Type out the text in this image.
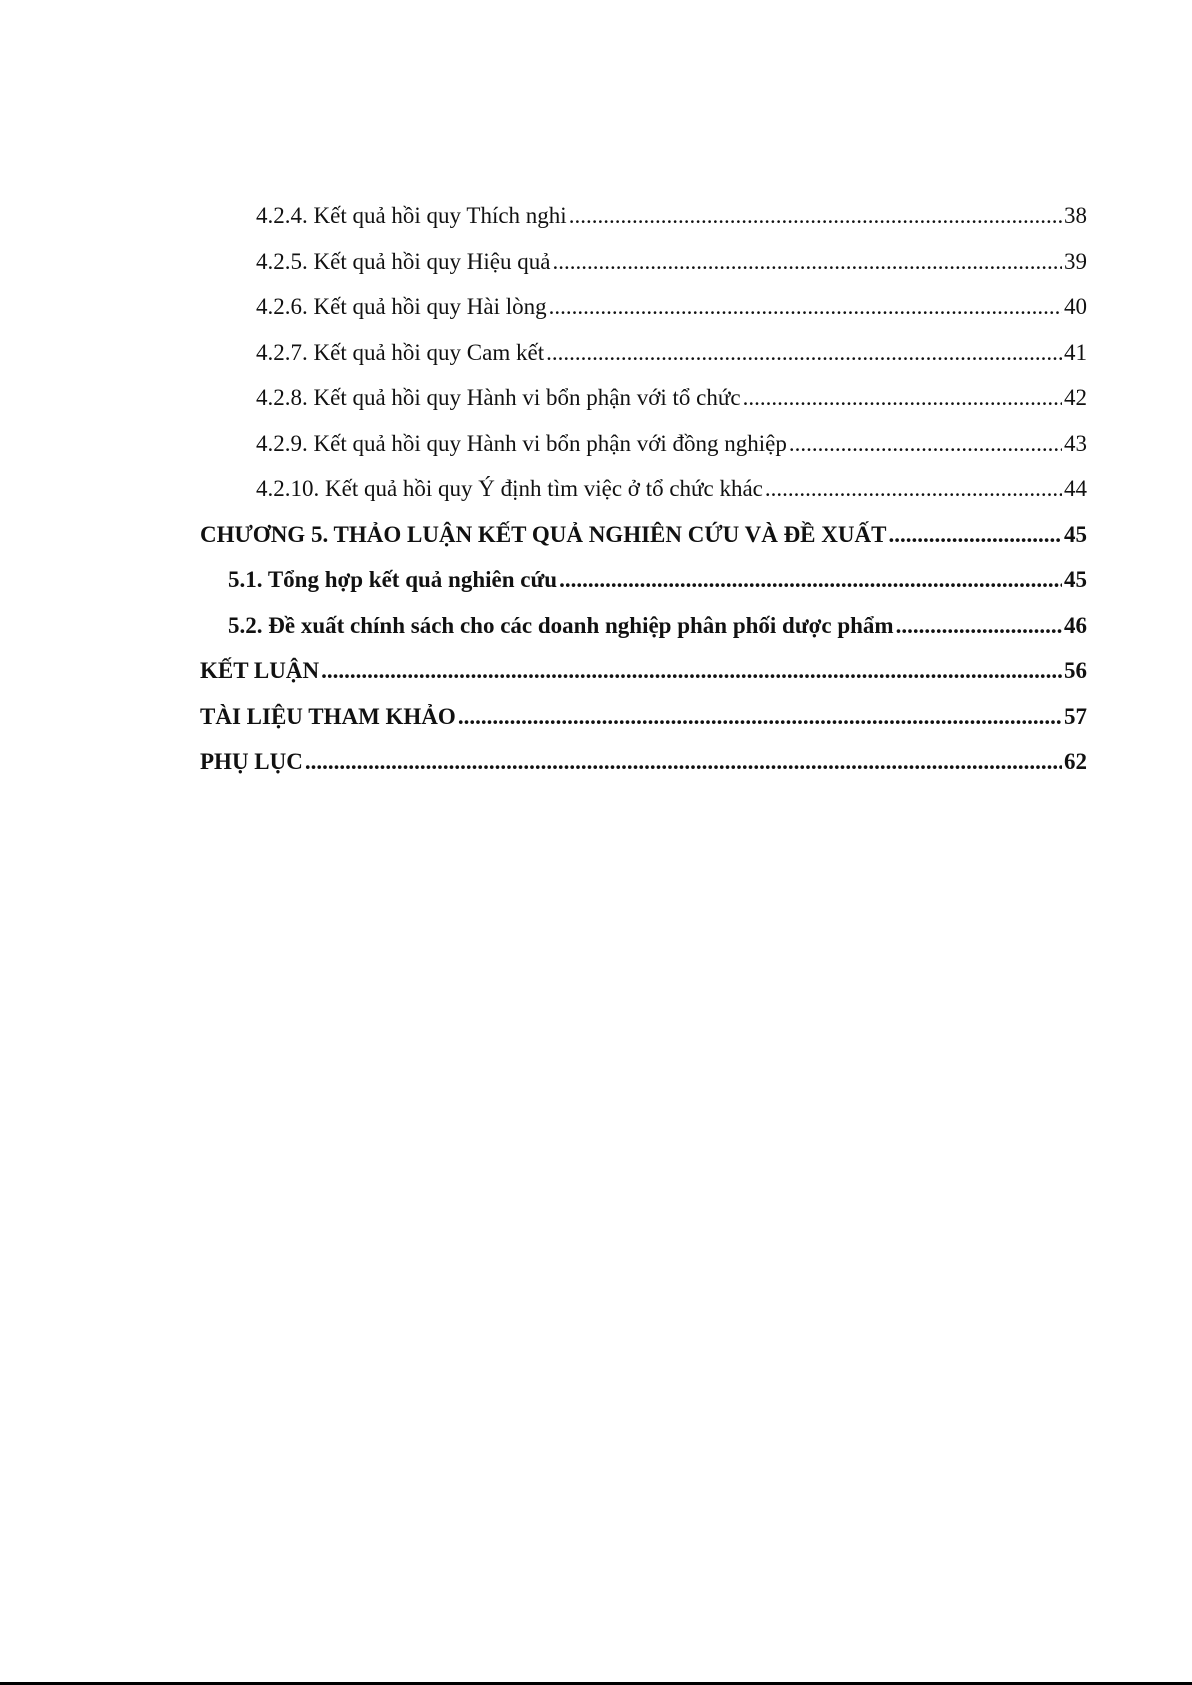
4.2.4. Kết quả hồi quy Thích nghi .....	38
4.2.5. Kết quả hồi quy Hiệu quả .....	39
4.2.6. Kết quả hồi quy Hài lòng .....	40
4.2.7. Kết quả hồi quy Cam kết .....	41
4.2.8. Kết quả hồi quy Hành vi bổn phận với tổ chức .....	42
4.2.9. Kết quả hồi quy Hành vi bổn phận với đồng nghiệp .....	43
4.2.10. Kết quả hồi quy Ý định tìm việc ở tổ chức khác .....	44
CHƯƠNG 5. THẢO LUẬN KẾT QUẢ NGHIÊN CỨU VÀ ĐỀ XUẤT .....	45
5.1. Tổng hợp kết quả nghiên cứu .....	45
5.2. Đề xuất chính sách cho các doanh nghiệp phân phối dược phẩm .....	46
KẾT LUẬN .....	56
TÀI LIỆU THAM KHẢO .....	57
PHỤ LỤC .....	62
